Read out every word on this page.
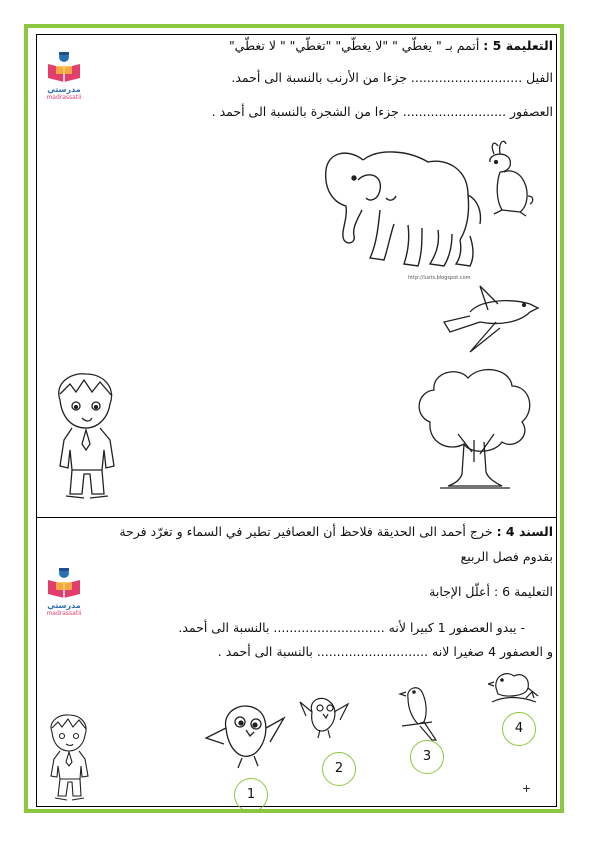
التعليمة 5 : أتمم بـ " يغطّي " "لا يغطّي" "تغطّي" " لا تغطّي"
الفيل ............................ جزءا من الأرنب بالنسبة الى أحمد.
العصفور .......................... جزءا من الشجرة بالنسبة الى أحمد .
مدرستي
madrassatii
http://lusts.blogspot.com
السند 4 : خرج أحمد الى الحديقة فلاحظ أن العصافير تطير في السماء و تغرّد فرحة
بقدوم فصل الربيع
التعليمة 6 : أعلّل الإجابة
- يبدو العصفور 1 كبيرا لأنه ............................ بالنسبة الى أحمد.
و العصفور 4 صغيرا لانه ............................ بالنسبة الى أحمد .
مدرستي
madrassatii
4
3
2
1	+
